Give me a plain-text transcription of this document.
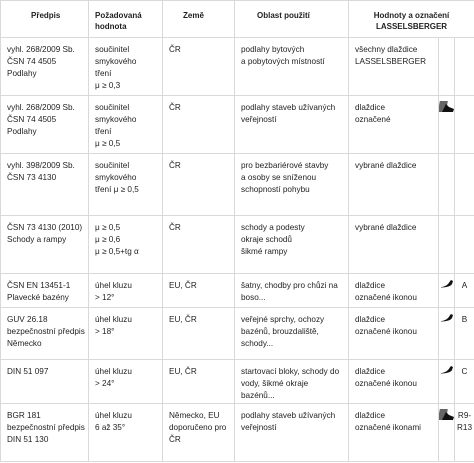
Předpis	Požadovaná
hodnota	Země	Oblast použití	Hodnoty a označení
LASSELSBERGER		

vyhl. 268/2009 Sb.
ČSN 74 4505 Podlahy	součinitel
smykového
tření
μ ≥ 0,3	ČR	podlahy bytových
a pobytových místností	všechny dlaždice
LASSELSBERGER		

vyhl. 268/2009 Sb.
ČSN 74 4505 Podlahy	součinitel
smykového
tření
μ ≥ 0,5	ČR	podlahy staveb užívaných
veřejností	dlaždice
označené

vyhl. 398/2009 Sb.
ČSN 73 4130	součinitel
smykového
tření μ ≥ 0,5	ČR	pro bezbariérové stavby
a osoby se sníženou
schopností pohybu	vybrané dlaždice		

ČSN 73 4130 (2010)
Schody a rampy	μ ≥ 0,5
μ ≥ 0,6
μ ≥ 0,5+tg α	ČR	schody a podesty
okraje schodů
šikmé rampy	vybrané dlaždice		

ČSN EN 13451-1
Plavecké bazény	úhel kluzu
> 12°	EU, ČR	šatny, chodby pro chůzi na
boso...	dlaždice
označené ikonou		A

GUV 26.18
bezpečnostní předpis
Německo	úhel kluzu
> 18°	EU, ČR	veřejné sprchy, ochozy
bazénů, brouzdaliště,
schody...	dlaždice
označené ikonou		B

DIN 51 097	úhel kluzu
> 24°	EU, ČR	startovací bloky, schody do
vody, šikmé okraje
bazénů...	dlaždice
označené ikonou		C

BGR 181
bezpečnostní předpis
DIN 51 130	úhel kluzu
6 až 35°	Německo, EU
doporučeno pro
ČR	podlahy staveb užívaných
veřejností	dlaždice
označené ikonami		R9-
R13
